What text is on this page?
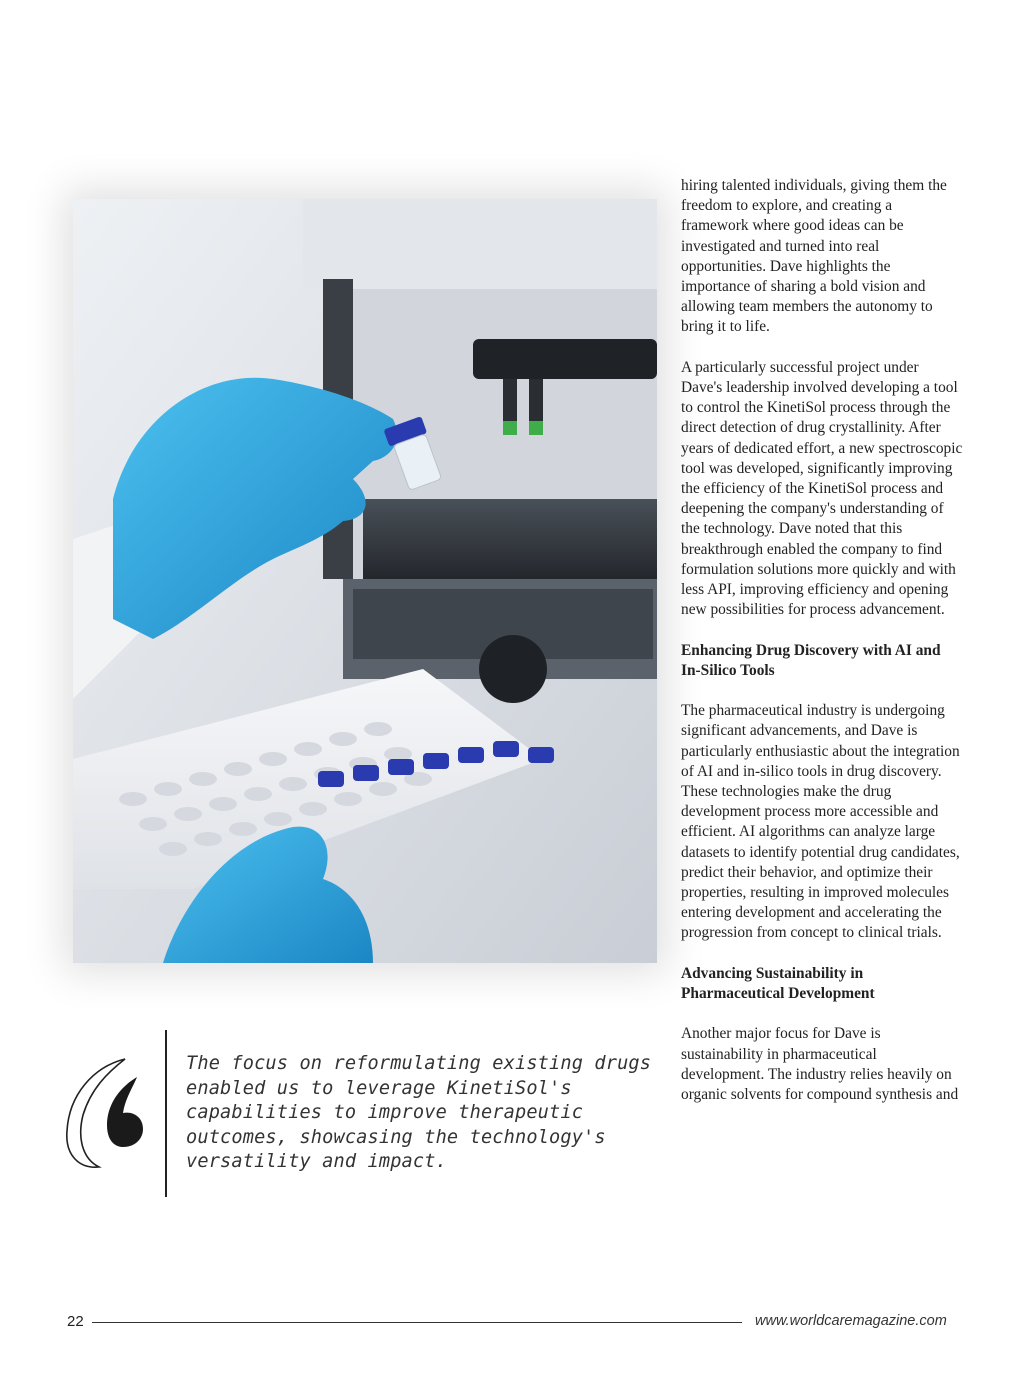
hiring talented individuals, giving them the freedom to explore, and creating a framework where good ideas can be investigated and turned into real opportunities. Dave highlights the importance of sharing a bold vision and allowing team members the autonomy to bring it to life.

A particularly successful project under Dave's leadership involved developing a tool to control the KinetiSol process through the direct detection of drug crystallinity. After years of dedicated effort, a new spectroscopic tool was developed, significantly improving the efficiency of the KinetiSol process and deepening the company's understanding of the technology. Dave noted that this breakthrough enabled the company to find formulation solutions more quickly and with less API, improving efficiency and opening new possibilities for process advancement.

Enhancing Drug Discovery with AI and In-Silico Tools

The pharmaceutical industry is undergoing significant advancements, and Dave is particularly enthusiastic about the integration of AI and in-silico tools in drug discovery. These technologies make the drug development process more accessible and efficient. AI algorithms can analyze large datasets to identify potential drug candidates, predict their behavior, and optimize their properties, resulting in improved molecules entering development and accelerating the progression from concept to clinical trials.

Advancing Sustainability in Pharmaceutical Development

Another major focus for Dave is sustainability in pharmaceutical development. The industry relies heavily on organic solvents for compound synthesis and

The focus on reformulating existing drugs enabled us to leverage KinetiSol's capabilities to improve therapeutic outcomes, showcasing the technology's versatility and impact.
22	www.worldcaremagazine.com
